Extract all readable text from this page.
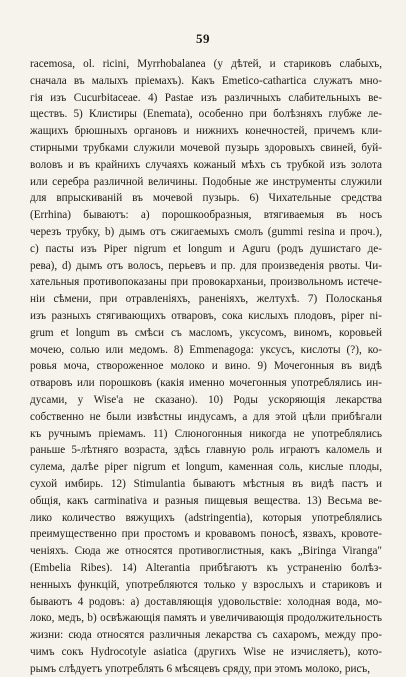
59
racemosa, ol. ricini, Myrrhobalanea (у дѣтей, и стариковъ слабыхъ,
сначала въ малыхъ пріемахъ). Какъ Emetico-cathartica служатъ мно-
гія изъ Cucurbitaceae. 4) Pastae изъ различныхъ слабительныхъ ве-
ществъ. 5) Клистиры (Enemata), особенно при болѣзняхъ глубже ле-
жащихъ брюшныхъ органовъ и нижнихъ конечностей, причемъ кли-
стирными трубками служили мочевой пузырь здоровыхъ свиней, буй-
воловъ и въ крайнихъ случаяхъ кожаный мѣхъ съ трубкой изъ золота
или серебра различной величины. Подобные же инструменты служили
для впрыскиваній въ мочевой пузырь. 6) Чихательные средства
(Errhina) бываютъ: а) порошкообразныя, втягиваемыя въ носъ
черезъ трубку, b) дымъ отъ сжигаемыхъ смолъ (gummi resina и проч.),
с) пасты изъ Piper nigrum et longum и Aguru (родъ душистаго де-
рева), d) дымъ отъ волосъ, перьевъ и пр. для произведенія рвоты. Чи-
хательныя противопоказаны при провокарханьи, произвольномъ истече-
ніи сѣмени, при отравленіяхъ, раненіяхъ, желтухѣ. 7) Полосканья
изъ разныхъ стягивающихъ отваровъ, сока кислыхъ плодовъ, piper ni-
grum et longum въ смѣси съ масломъ, уксусомъ, виномъ, коровьей
мочею, солью или медомъ. 8) Emmenagoga: уксусъ, кислоты (?), ко-
ровья моча, створоженное молоко и вино. 9) Мочегонныя въ видѣ
отваровъ или порошковъ (какія именно мочегонныя употреблялись ин-
дусами, у Wise'а не сказано). 10) Роды ускоряющія лекарства
собственно не были извѣстны индусамъ, а для этой цѣли прибѣгали
къ ручнымъ пріемамъ. 11) Слюногонныя никогда не употреблялись
раньше 5-лѣтняго возраста, здѣсь главную роль играютъ каломель и
сулема, далѣе piper nigrum et longum, каменная соль, кислые плоды,
сухой имбирь. 12) Stimulantia бываютъ мѣстныя въ видѣ пастъ и
общія, какъ carminativa и разныя пищевыя вещества. 13) Весьма ве-
лико количество вяжущихъ (adstringentia), которыя употреблялись
преимущественно при простомъ и кровавомъ поносѣ, язвахъ, кровоте-
ченіяхъ. Сюда же относятся противоглистныя, какъ „Biringa Viranga"
(Embelia Ribes). 14) Alterantia прибѣгаютъ къ устраненію болѣз-
ненныхъ функцій, употребляются только у взрослыхъ и стариковъ и
бываютъ 4 родовъ: а) доставляющія удовольствіе: холодная вода, мо-
локо, медъ, b) освѣжающія память и увеличивающія продолжительность
жизни: сюда относятся различныя лекарства съ сахаромъ, между про-
чимъ сокъ Hydrocotyle asiatica (другихъ Wise не изчисляетъ), кото-
рымъ слѣдуетъ употреблять 6 мѣсяцевъ сряду, при этомъ молоко, рисъ,
